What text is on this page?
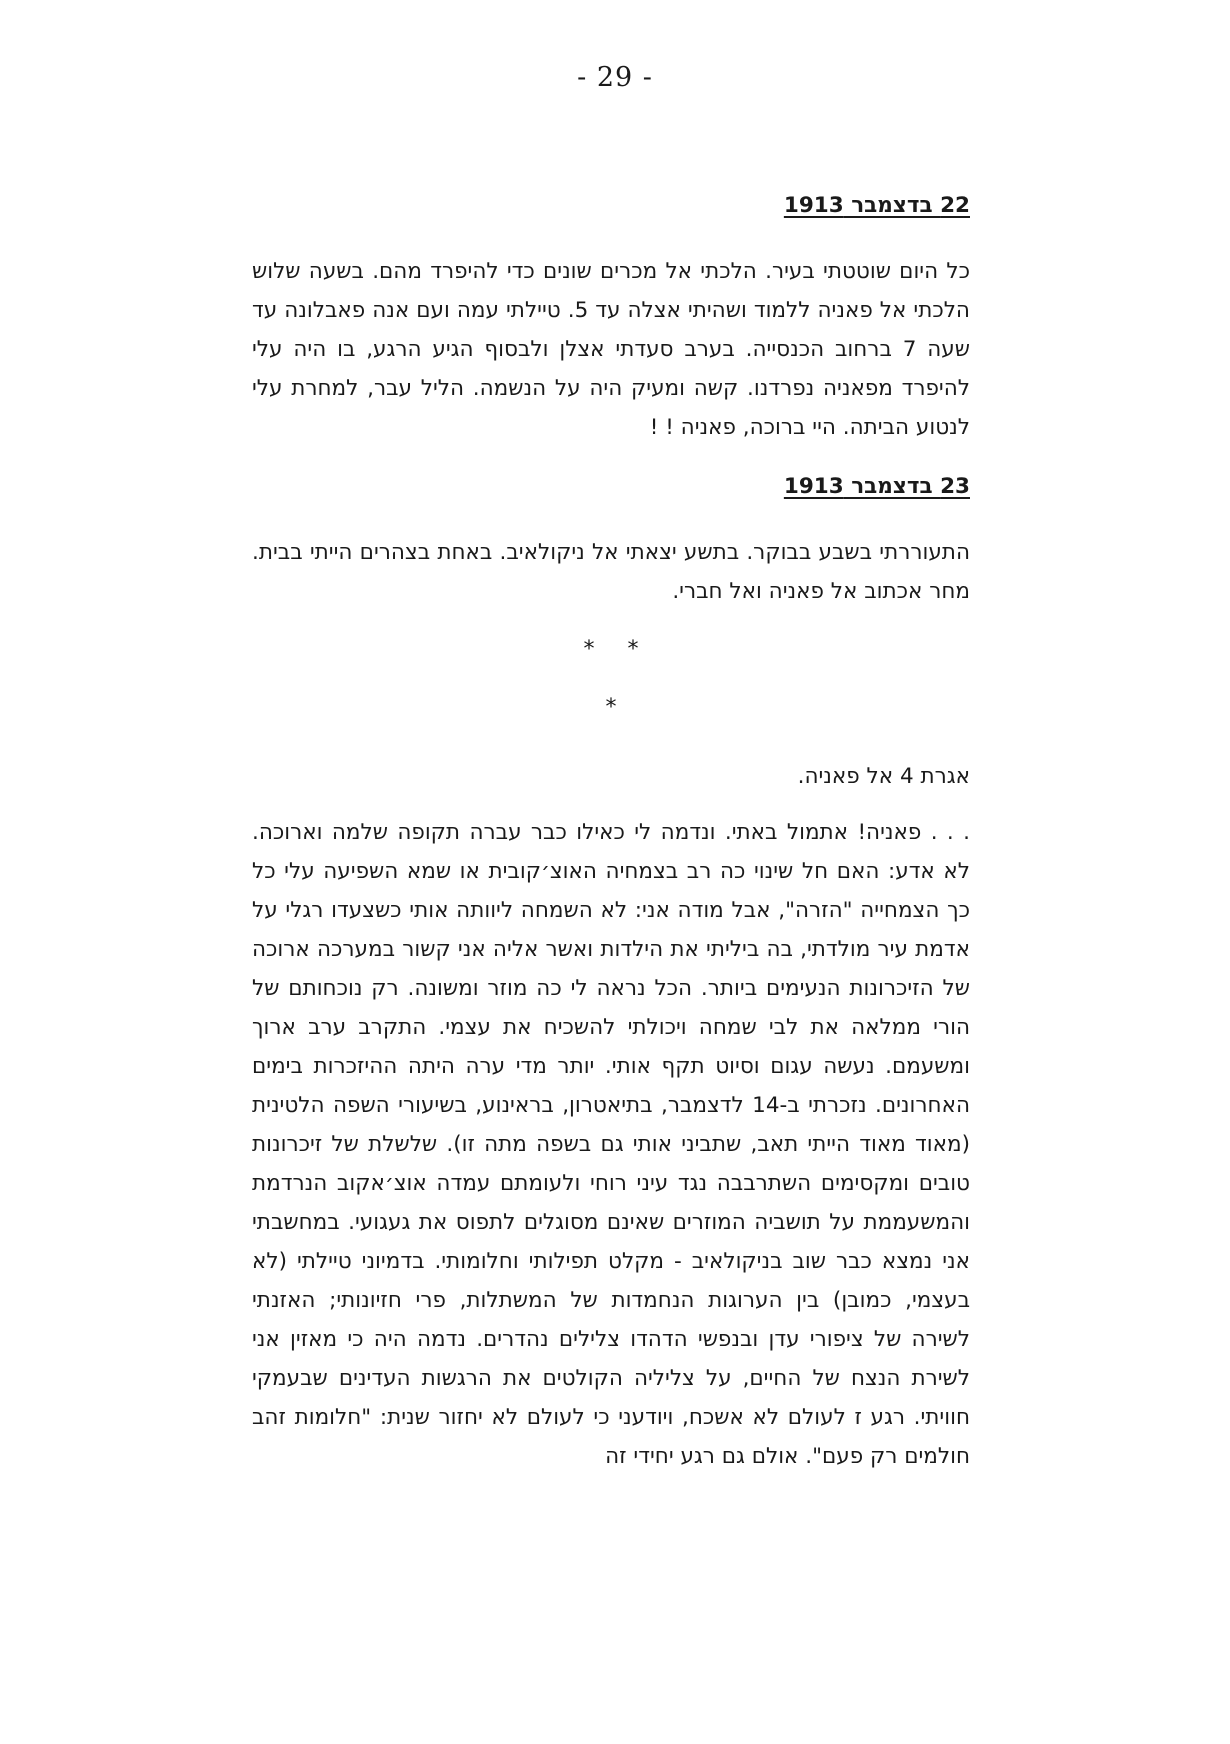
- 29 -
22 בדצמבר 1913

כל היום שוטטתי בעיר. הלכתי אל מכרים שונים כדי להיפרד מהם. בשעה שלוש הלכתי אל פאניה ללמוד ושהיתי אצלה עד 5. טיילתי עמה ועם אנה פאבלונה עד שעה 7 ברחוב הכנסייה. בערב סעדתי אצלן ולבסוף הגיע הרגע, בו היה עלי להיפרד מפאניה נפרדנו. קשה ומעיק היה על הנשמה. הליל עבר, למחרת עלי לנטוע הביתה. היי ברוכה, פאניה ! !

23 בדצמבר 1913

התעוררתי בשבע בבוקר. בתשע יצאתי אל ניקולאיב. באחת בצהרים הייתי בבית. מחר אכתוב אל פאניה ואל חברי.

* *
*
אגרת 4 אל פאניה.

. . . פאניה! אתמול באתי. ונדמה לי כאילו כבר עברה תקופה שלמה וארוכה. לא אדע: האם חל שינוי כה רב בצמחיה האוצ׳קובית או שמא השפיעה עלי כל כך הצמחייה "הזרה", אבל מודה אני: לא השמחה ליוותה אותי כשצעדו רגלי על אדמת עיר מולדתי, בה ביליתי את הילדות ואשר אליה אני קשור במערכה ארוכה של הזיכרונות הנעימים ביותר. הכל נראה לי כה מוזר ומשונה. רק נוכחותם של הורי ממלאה את לבי שמחה ויכולתי להשכיח את עצמי. התקרב ערב ארוך ומשעמם. נעשה עגום וסיוט תקף אותי. יותר מדי ערה היתה ההיזכרות בימים האחרונים. נזכרתי ב-14 לדצמבר, בתיאטרון, בראינוע, בשיעורי השפה הלטינית (מאוד מאוד הייתי תאב, שתביני אותי גם בשפה מתה זו). שלשלת של זיכרונות טובים ומקסימים השתרבבה נגד עיני רוחי ולעומתם עמדה אוצ׳אקוב הנרדמת והמשעממת על תושביה המוזרים שאינם מסוגלים לתפוס את געגועי. במחשבתי אני נמצא כבר שוב בניקולאיב - מקלט תפילותי וחלומותי. בדמיוני טיילתי (לא בעצמי, כמובן) בין הערוגות הנחמדות של המשתלות, פרי חזיונותי; האזנתי לשירה של ציפורי עדן ובנפשי הדהדו צלילים נהדרים. נדמה היה כי מאזין אני לשירת הנצח של החיים, על צליליה הקולטים את הרגשות העדינים שבעמקי חוויתי. רגע ז לעולם לא אשכח, ויודעני כי לעולם לא יחזור שנית: "חלומות זהב חולמים רק פעם". אולם גם רגע יחידי זה
